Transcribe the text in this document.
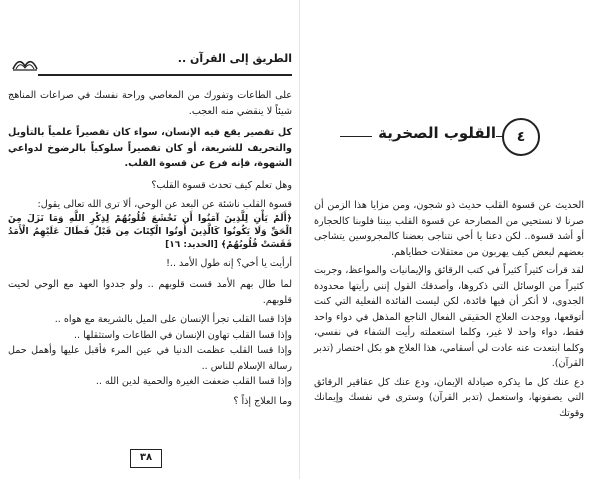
الطريق إلى القرآن ..

على الطاعات وتفورك من المعاصي وراحة نفسك في صراعات المناهج شيئاً لا ينقضي منه العجب.

كل تقصير يقع فيه الإنسان، سواء كان تقصيراً علمياً بالتأويل والتحريف للشريعة، أو كان تقصيراً سلوكياً بالرضوخ لدواعي الشهوة، فإنه فرع عن قسوة القلب.

وهل تعلم كيف تحدث قسوة القلب؟

قسوة القلب ناشئة عن البعد عن الوحي، ألا ترى الله تعالى يقول:

﴿أَلَمْ يَأْنِ لِلَّذِينَ آمَنُوا أَن تَخْشَعَ قُلُوبُهُمْ لِذِكْرِ اللَّهِ وَمَا نَزَلَ مِنَ الْحَقِّ وَلَا يَكُونُوا كَالَّذِينَ أُوتُوا الْكِتَابَ مِن قَبْلُ فَطَالَ عَلَيْهِمُ الْأَمَدُ فَقَسَتْ قُلُوبُهُمْ﴾ [الحديد: ١٦]

أرأيت يا أخي؟ إنه طول الأمد ..!

لما طال بهم الأمد قست قلوبهم .. ولو جددوا العهد مع الوحي لحيت قلوبهم.

فإذا قسا القلب تجرأ الإنسان على الميل بالشريعة مع هواه ..

وإذا قسا القلب تهاون الإنسان في الطاعات واستثقلها ..

وإذا قسا القلب عظمت الدنيا في عين المرء فأقبل عليها وأهمل حمل رسالة الإسلام للناس ..

وإذا قسا القلب ضعفت الغيرة والحمية لدين الله ..

وما العلاج إذاً ؟

٣٨
٤
القلوب الصخرية

الحديث عن قسوة القلب حديث ذو شجون، ومن مزايا هذا الزمن أن صرنا لا نستحيي من المصارحة عن قسوة القلب بيننا فلوبنا كالحجارة أو أشد قسوة.. لكن دعنا يا أخي نتناجى بعضنا كالمجروسين يتشاجى بعضهم لبعض كيف يهربون من معتقلات خطاياهم.

لقد قرأت كثيراً كثيراً في كتب الرقائق والإيمانيات والمواعظ، وجربت كثيراً من الوسائل التي ذكروها، وأصدقك القول إنني رأيتها محدودة الجدوى، لا أنكر أن فيها فائدة، لكن ليست الفائدة الفعلية التي كنت أتوقعها، ووجدت العلاج الحقيقي الفعال الناجع المذهل في دواء واحد فقط، دواء واحد لا غير، وكلما استعملته رأيت الشفاء في نفسي، وكلما ابتعدت عنه عادت لي أسقامي، هذا العلاج هو بكل اختصار (تدبر القرآن).

دع عنك كل ما يذكره صيادلة الإيمان، ودع عنك كل عقاقير الرقائق التي يصفونها، واستعمل (تدبر القرآن) وسترى في نفسك وإيمانك وقوتك
